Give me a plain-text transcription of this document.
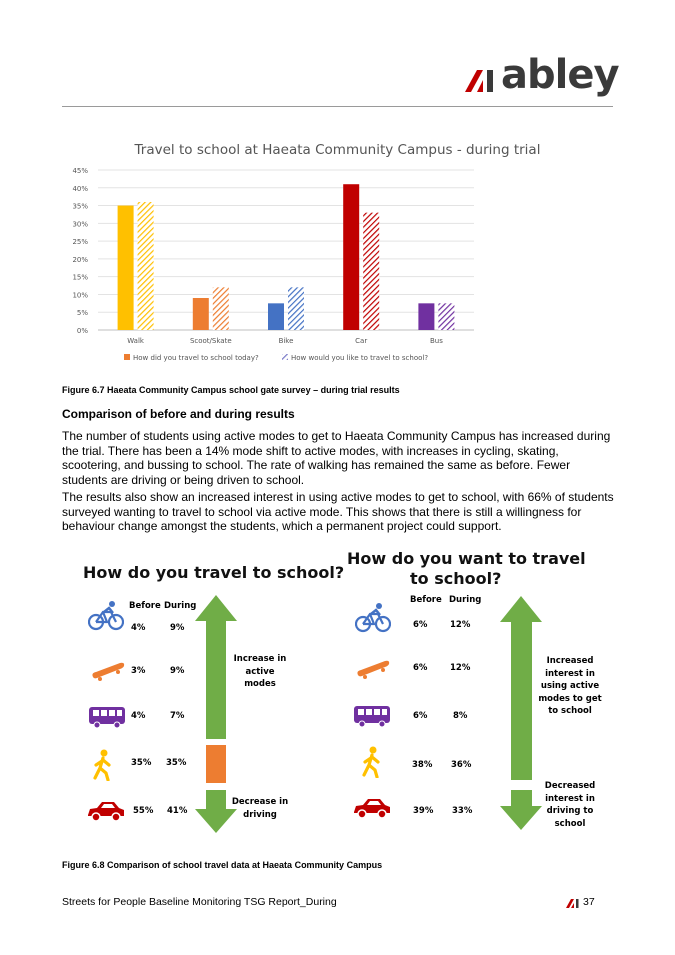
abley
Travel to school at Haeata Community Campus - during trial
0%
5%
10%
15%
20%
25%
30%
35%
40%
45%
Walk	Scoot/Skate	Bike	Car	Bus
How did you travel to school today?	How would you like to travel to school?
Figure 6.7 Haeata Community Campus school gate survey – during trial results
Comparison of before and during results
The number of students using active modes to get to Haeata Community Campus has increased during the trial. There has been a 14% mode shift to active modes, with increases in cycling, skating, scootering, and bussing to school. The rate of walking has remained the same as before. Fewer students are driving or being driven to school.
The results also show an increased interest in using active modes to get to school, with 66% of students surveyed wanting to travel to school via active mode. This shows that there is still a willingness for behaviour change amongst the students, which a permanent project could support.
How do you travel to school?
Before During
How do you want to travel
to school?
Before During
4%	9%
3%	9%
4%	7%
35% 35%
55% 41%
6%	12%
6%	12%
6%	8%
38% 36%
39% 33%
Increase in active modes
Decrease in driving
Increased interest in using active modes to get to school
Decreased interest in driving to school
Figure 6.8 Comparison of school travel data at Haeata Community Campus
Streets for People Baseline Monitoring TSG Report_During	37
